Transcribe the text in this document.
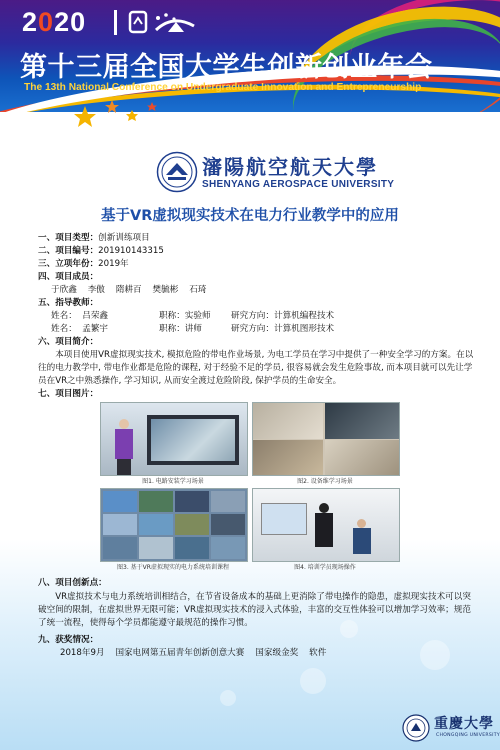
2020
第十三届全国大学生创新创业年会
The 13th National Conference on Undergraduate Innovation and Entrepreneurship
瀋陽航空航天大學
SHENYANG AEROSPACE UNIVERSITY
基于VR虚拟现实技术在电力行业教学中的应用
一、项目类型：创新训练项目
二、项目编号：201910143315
三、立项年份：2019年
四、项目成员：
于欣鑫    李傲    隋耕百    樊毓彬    石琦
五、指导教师：
姓名：  吕荣鑫	职称：实验师 研究方向：计算机编程技术
姓名：  孟繁宇	职称：讲师	研究方向：计算机图形技术
六、项目简介：
本项目使用VR虚拟现实技术, 模拟危险的带电作业场景, 为电工学员在学习中提供了一种安全学习的方案。在以往的电力教学中, 带电作业都是危险的课程, 对于经验不足的学员, 很容易就会发生危险事故, 而本项目就可以先让学员在VR之中熟悉操作, 学习知识, 从而安全渡过危险阶段, 保护学员的生命安全。
七、项目图片：
图1. 电路安装学习场景	图2. 设备维学习场景
图3. 基于VR虚拟现实的电力系统培训课程	图4. 培训学员现场操作
八、项目创新点：
VR虚拟技术与电力系统培训相结合，在节省设备成本的基础上更消除了带电操作的隐患，虚拟现实技术可以突破空间的限制，在虚拟世界无限可能；VR虚拟现实技术的浸入式体验，丰富的交互性体验可以增加学习效率；规范了统一流程，使得每个学员都能遵守最规范的操作习惯。
九、获奖情况：
2018年9月    国家电网第五届青年创新创意大赛    国家级金奖    软件
重慶大學
CHONGQING UNIVERSITY
